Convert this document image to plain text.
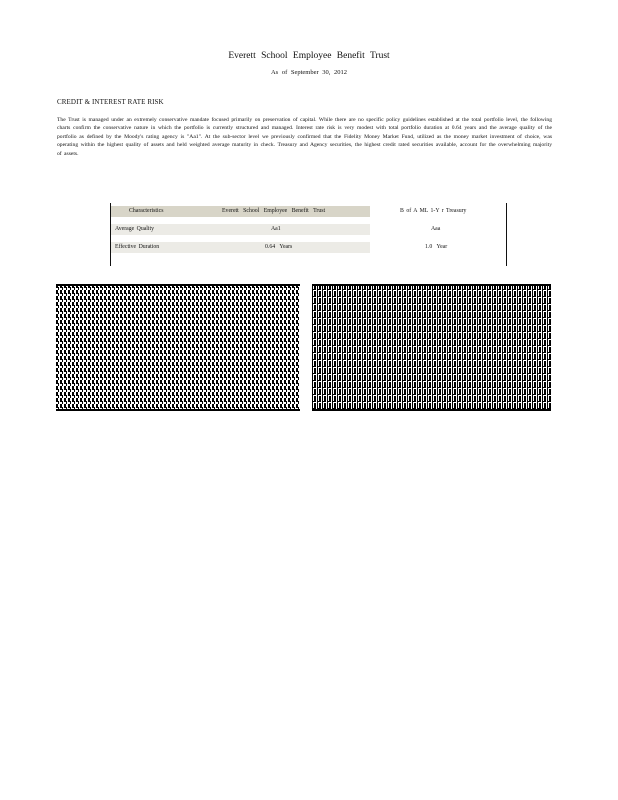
Everett School Employee Benefit Trust
As of September 30, 2012
CREDIT & INTEREST RATE RISK
The Trust is managed under an extremely conservative mandate focused primarily on preservation of capital. While there are no specific policy guidelines established at the total portfolio level, the following charts confirm the conservative nature in which the portfolio is currently structured and managed. Interest rate risk is very modest with total portfolio duration at 0.64 years and the average quality of the portfolio as defined by the Moody's rating agency is "Aa1". At the sub-sector level we previously confirmed that the Fidelity Money Market Fund, utilized as the money market investment of choice, was operating within the highest quality of assets and held weighted average maturity in check. Treasury and Agency securities, the highest credit rated securities available, account for the overwhelming majority of assets.
Characteristics	Everett School Employee Benefit Trust	B of A ML 1-Y r Treasury
Average Quality	Aa1	Aaa
Effective Duration	0.64 Years	1.0 Year
